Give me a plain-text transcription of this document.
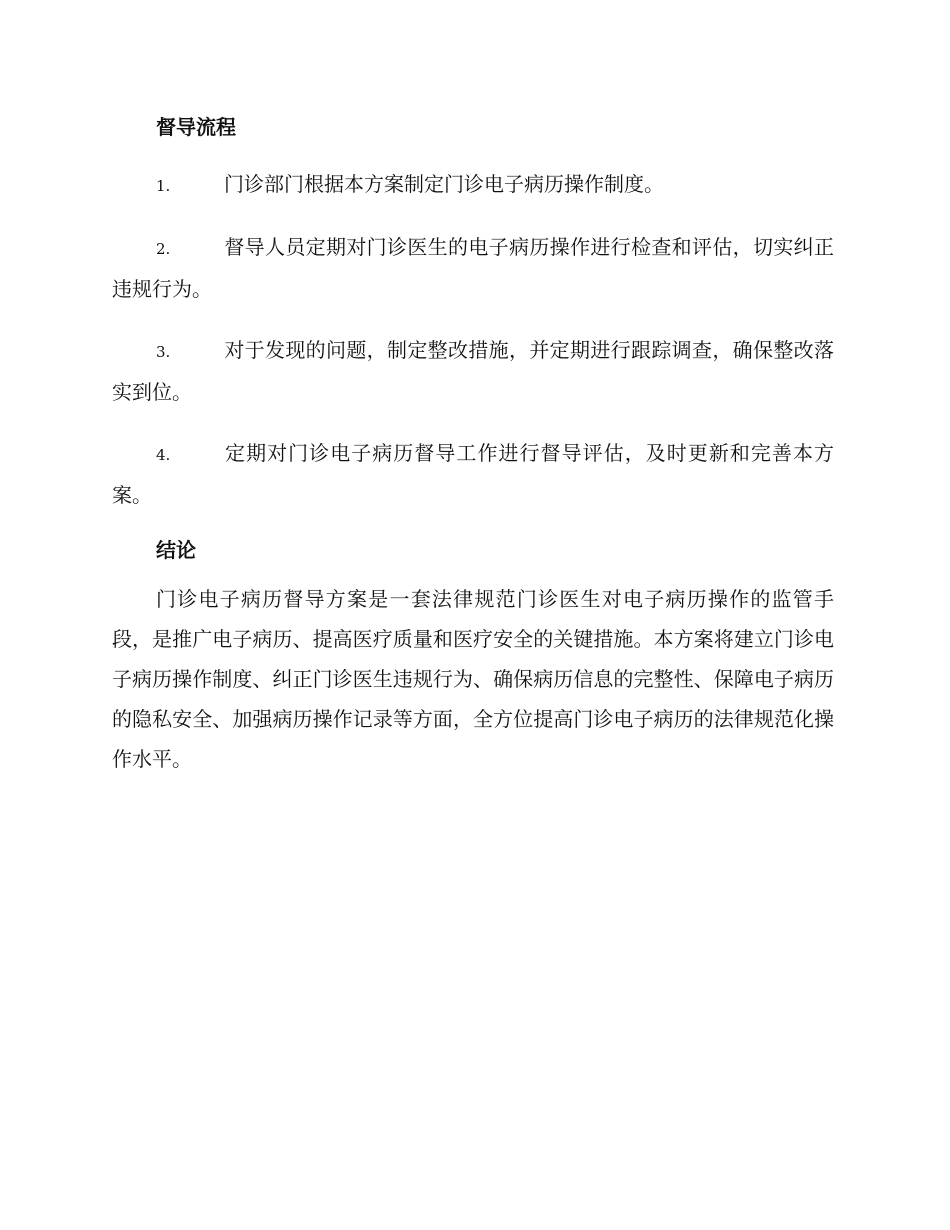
督导流程
1.	门诊部门根据本方案制定门诊电子病历操作制度。
2.	督导人员定期对门诊医生的电子病历操作进行检查和评估，切实纠正违规行为。
3.	对于发现的问题，制定整改措施，并定期进行跟踪调查，确保整改落实到位。
4.	定期对门诊电子病历督导工作进行督导评估，及时更新和完善本方案。
结论

门诊电子病历督导方案是一套法律规范门诊医生对电子病历操作的监管手段，是推广电子病历、提高医疗质量和医疗安全的关键措施。本方案将建立门诊电子病历操作制度、纠正门诊医生违规行为、确保病历信息的完整性、保障电子病历的隐私安全、加强病历操作记录等方面，全方位提高门诊电子病历的法律规范化操作水平。
